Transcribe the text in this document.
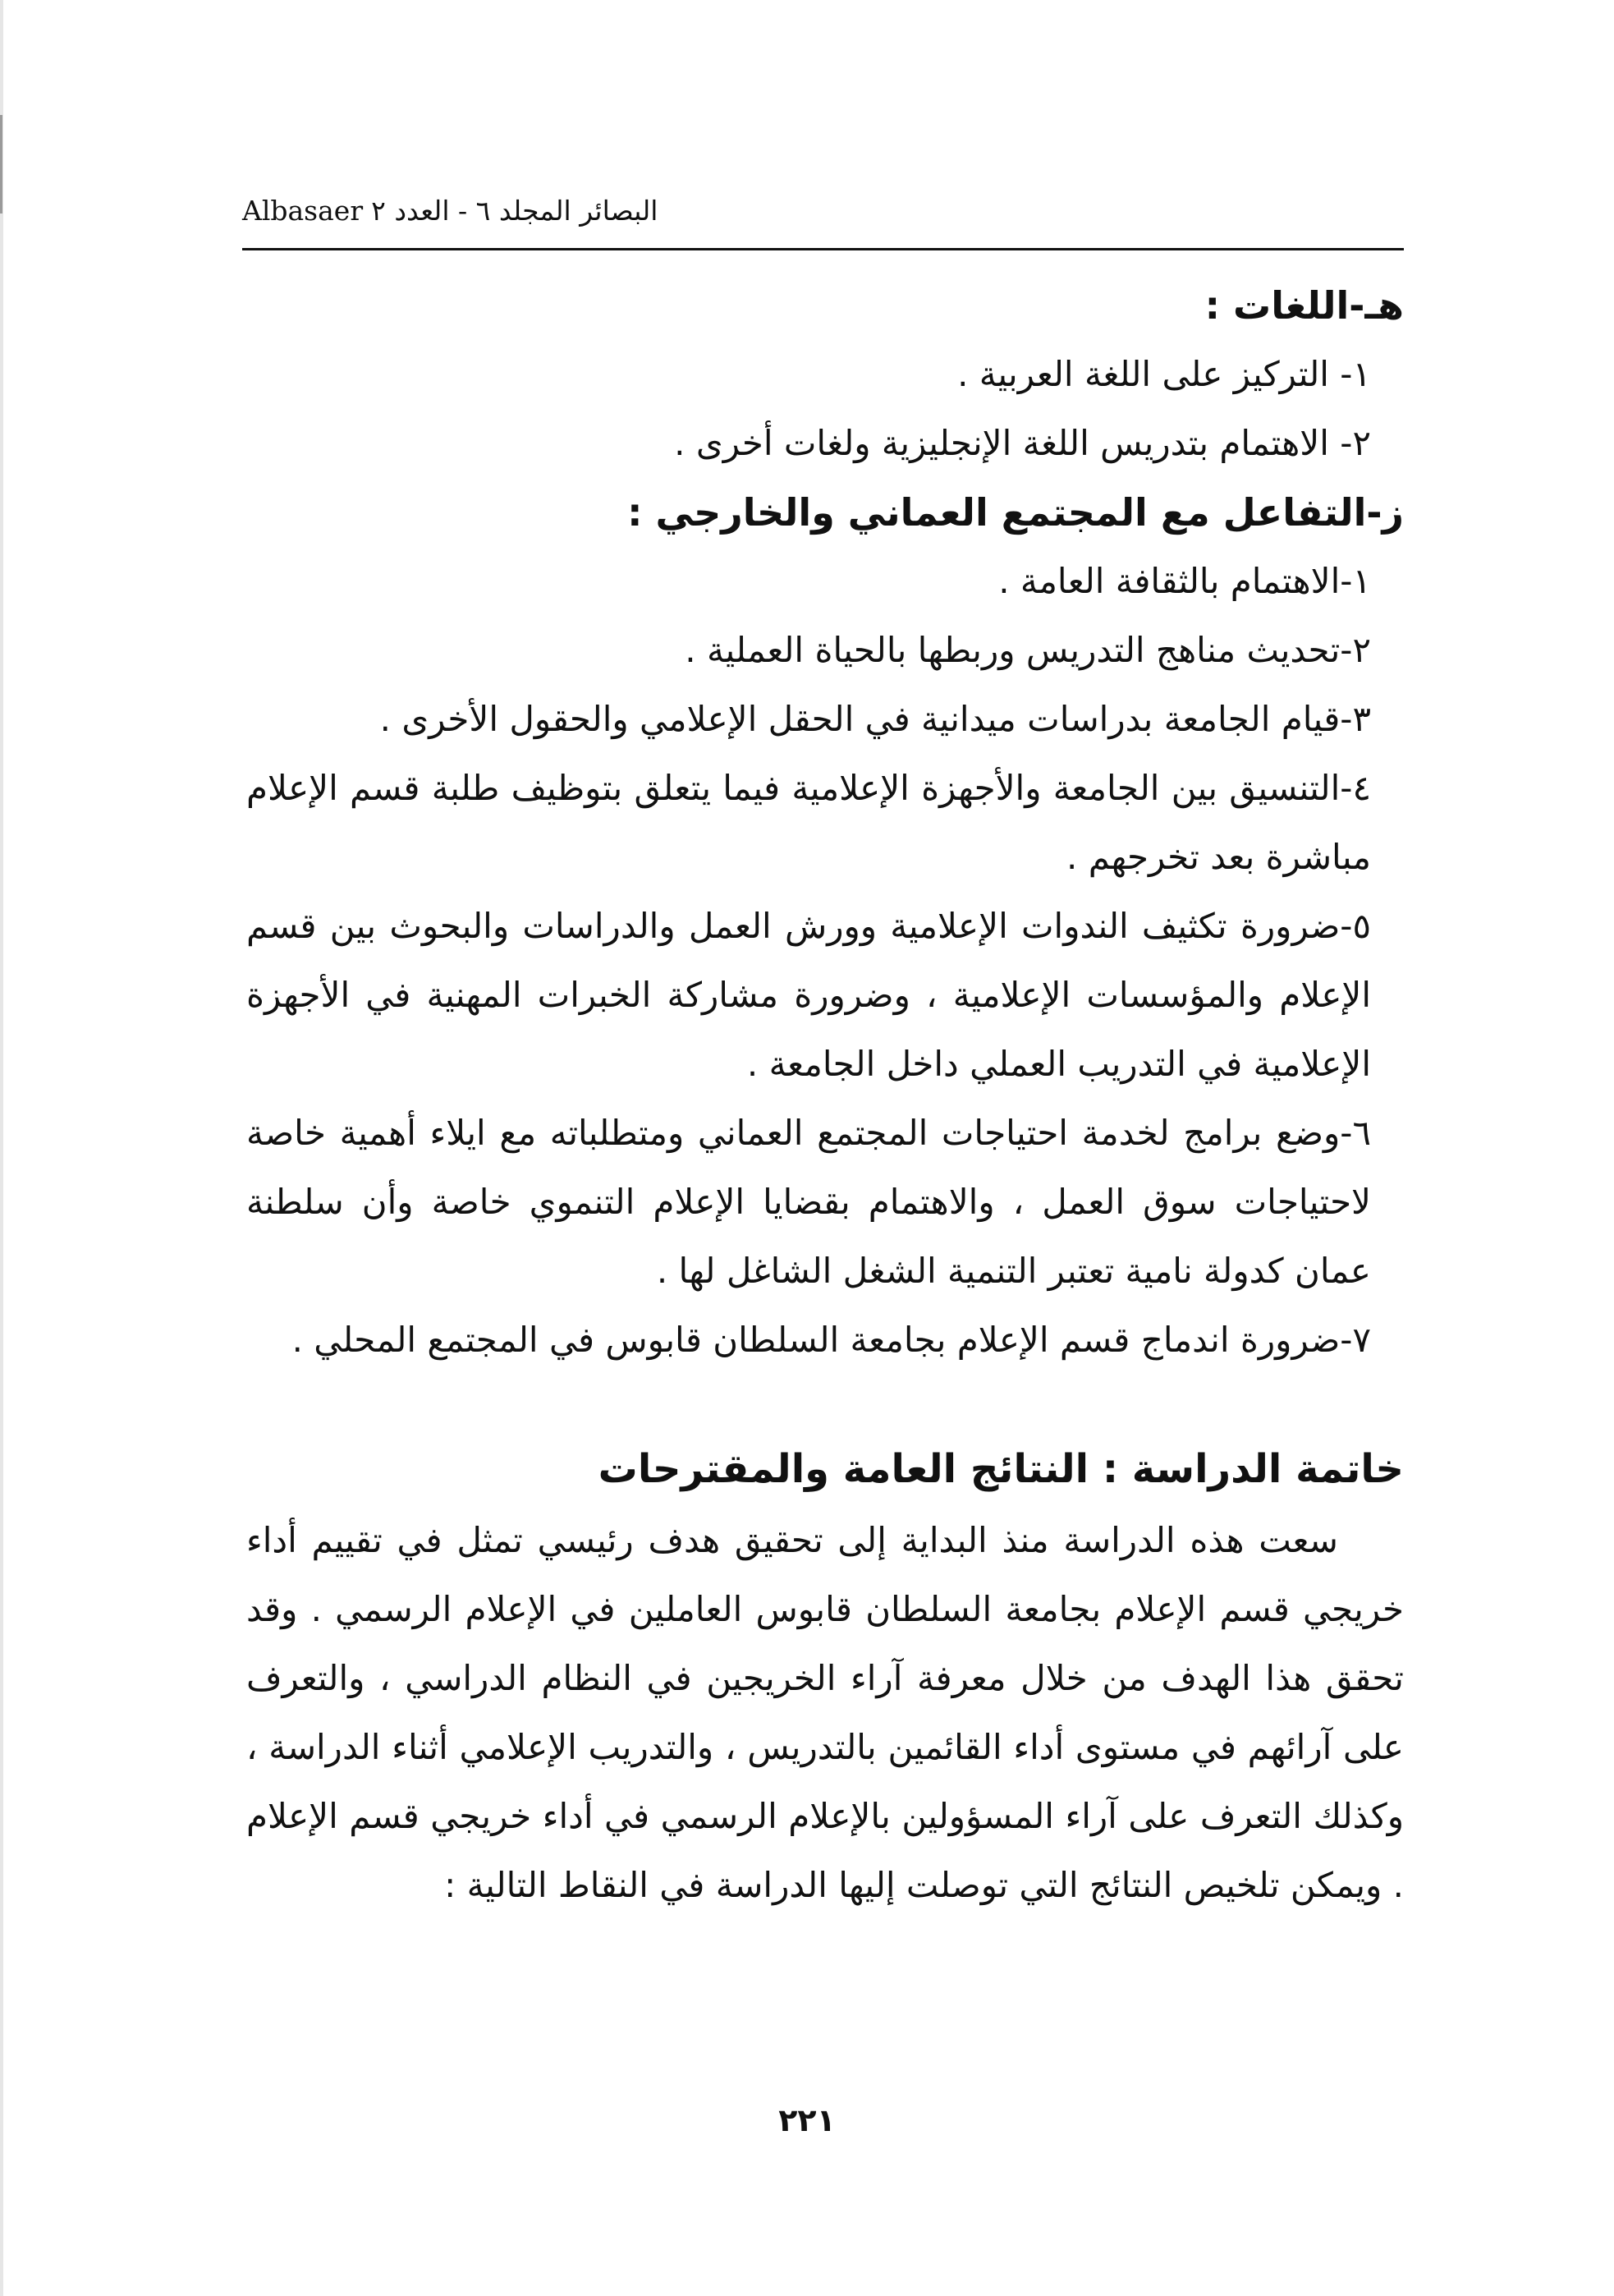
Albasaer البصائر المجلد ٦ - العدد ٢

هـ-اللغات :

١- التركيز على اللغة العربية .

٢- الاهتمام بتدريس اللغة الإنجليزية ولغات أخرى .

ز-التفاعل مع المجتمع العماني والخارجي :

١-الاهتمام بالثقافة العامة .

٢-تحديث مناهج التدريس وربطها بالحياة العملية .

٣-قيام الجامعة بدراسات ميدانية في الحقل الإعلامي والحقول الأخرى .

٤-التنسيق بين الجامعة والأجهزة الإعلامية فيما يتعلق بتوظيف طلبة قسم الإعلام مباشرة بعد تخرجهم .

٥-ضرورة تكثيف الندوات الإعلامية وورش العمل والدراسات والبحوث بين قسم الإعلام والمؤسسات الإعلامية ، وضرورة مشاركة الخبرات المهنية في الأجهزة الإعلامية في التدريب العملي داخل الجامعة .

٦-وضع برامج لخدمة احتياجات المجتمع العماني ومتطلباته مع ايلاء أهمية خاصة لاحتياجات سوق العمل ، والاهتمام بقضايا الإعلام التنموي خاصة وأن سلطنة عمان كدولة نامية تعتبر التنمية الشغل الشاغل لها .

٧-ضرورة اندماج قسم الإعلام بجامعة السلطان قابوس في المجتمع المحلي .

خاتمة الدراسة : النتائج العامة والمقترحات

سعت هذه الدراسة منذ البداية إلى تحقيق هدف رئيسي تمثل في تقييم أداء خريجي قسم الإعلام بجامعة السلطان قابوس العاملين في الإعلام الرسمي . وقد تحقق هذا الهدف من خلال معرفة آراء الخريجين في النظام الدراسي ، والتعرف على آرائهم في مستوى أداء القائمين بالتدريس ، والتدريب الإعلامي أثناء الدراسة ، وكذلك التعرف على آراء المسؤولين بالإعلام الرسمي في أداء خريجي قسم الإعلام . ويمكن تلخيص النتائج التي توصلت إليها الدراسة في النقاط التالية :

٢٢١
